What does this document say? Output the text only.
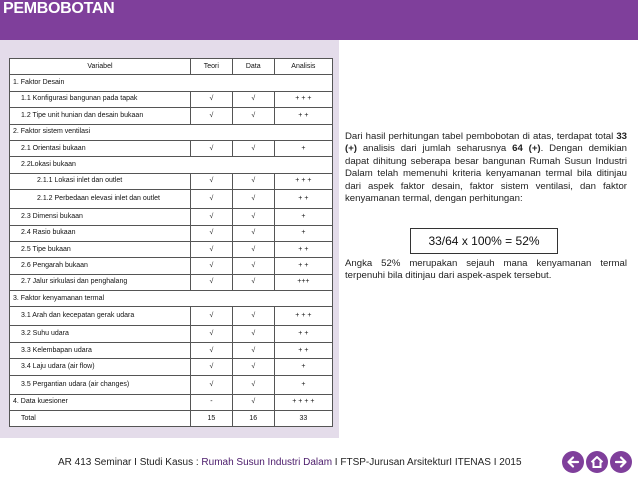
PEMBOBOTAN
Variabel	Teori	Data	Analisis
1. Faktor Desain			
1.1 Konfigurasi bangunan pada tapak	√	√	+ + +
1.2 Tipe unit hunian dan desain bukaan	√	√	+ +
2. Faktor sistem ventilasi			
2.1 Orientasi bukaan	√	√	+
2.2Lokasi bukaan			
2.1.1 Lokasi inlet dan outlet	√	√	+ + +
2.1.2 Perbedaan elevasi inlet dan outlet	√	√	+ +
2.3 Dimensi bukaan	√	√	+
2.4 Rasio bukaan	√	√	+
2.5 Tipe bukaan	√	√	+ +
2.6 Pengarah bukaan	√	√	+ +
2.7 Jalur sirkulasi dan penghalang	√	√	+++
3. Faktor kenyamanan termal			
3.1 Arah dan kecepatan gerak udara	√	√	+ + +
3.2 Suhu udara	√	√	+ +
3.3 Kelembapan udara	√	√	+ +
3.4 Laju udara (air flow)	√	√	+
3.5 Pergantian udara (air changes)	√	√	+
4. Data kuesioner	-	√	+ + + +
Total	15	16	33
Dari hasil perhitungan tabel pembobotan di atas, terdapat total 33 (+) analisis dari jumlah seharusnya 64 (+). Dengan demikian dapat dihitung seberapa besar bangunan Rumah Susun Industri Dalam telah memenuhi kriteria kenyamanan termal bila ditinjau dari aspek faktor desain, faktor sistem ventilasi, dan faktor kenyamanan termal, dengan perhitungan:
33/64 x 100% = 52%
Angka 52% merupakan sejauh mana kenyamanan termal terpenuhi bila ditinjau dari aspek-aspek tersebut.
AR 413 Seminar I Studi Kasus : Rumah Susun Industri Dalam I FTSP-Jurusan ArsitekturI ITENAS I 2015
